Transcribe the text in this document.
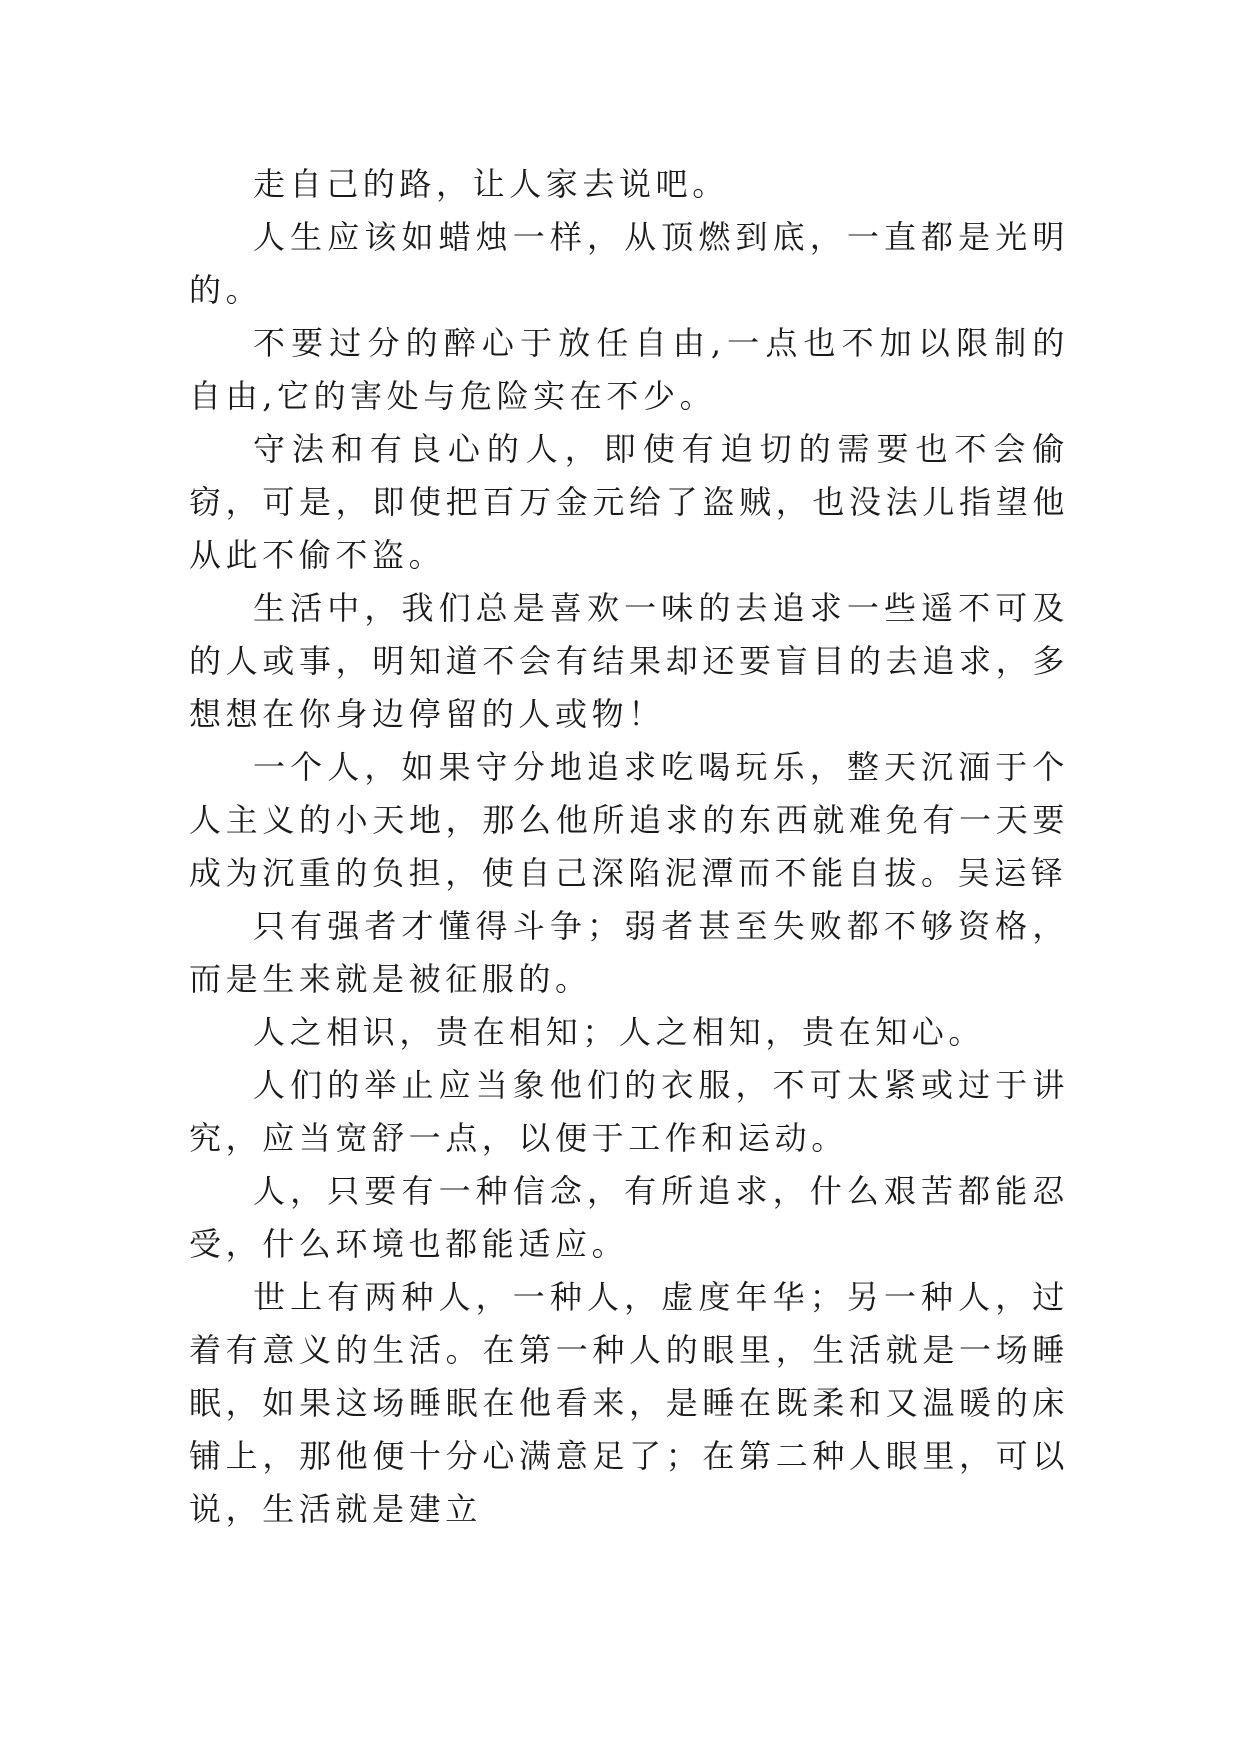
走自己的路，让人家去说吧。

人生应该如蜡烛一样，从顶燃到底，一直都是光明的。

不要过分的醉心于放任自由,一点也不加以限制的自由,它的害处与危险实在不少。

守法和有良心的人，即使有迫切的需要也不会偷窃，可是，即使把百万金元给了盗贼，也没法儿指望他从此不偷不盗。

生活中，我们总是喜欢一味的去追求一些遥不可及的人或事，明知道不会有结果却还要盲目的去追求，多想想在你身边停留的人或物！

一个人，如果守分地追求吃喝玩乐，整天沉湎于个人主义的小天地，那么他所追求的东西就难免有一天要成为沉重的负担，使自己深陷泥潭而不能自拔。吴运铎

只有强者才懂得斗争；弱者甚至失败都不够资格，而是生来就是被征服的。

人之相识，贵在相知；人之相知，贵在知心。

人们的举止应当象他们的衣服，不可太紧或过于讲究，应当宽舒一点，以便于工作和运动。

人，只要有一种信念，有所追求，什么艰苦都能忍受，什么环境也都能适应。

世上有两种人，一种人，虚度年华；另一种人，过着有意义的生活。在第一种人的眼里，生活就是一场睡眠，如果这场睡眠在他看来，是睡在既柔和又温暖的床铺上，那他便十分心满意足了；在第二种人眼里，可以说，生活就是建立
